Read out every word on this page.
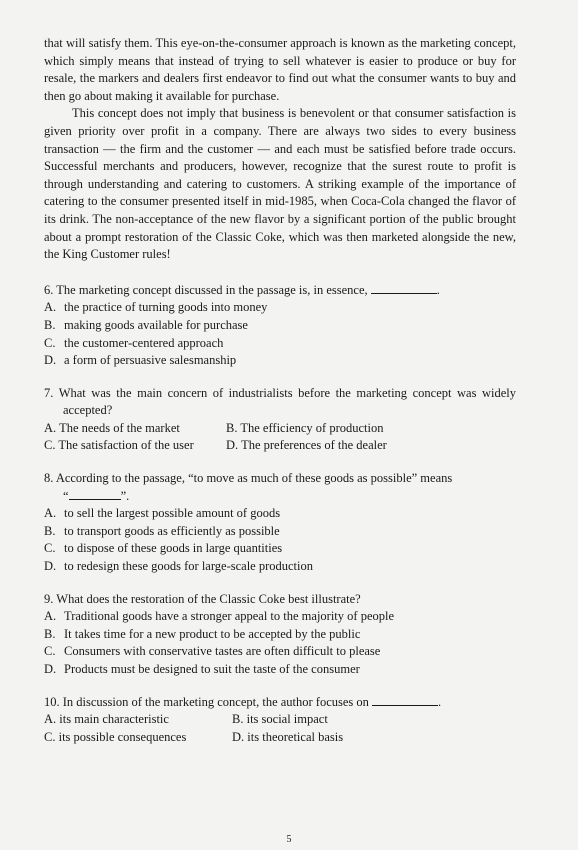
that will satisfy them. This eye-on-the-consumer approach is known as the marketing concept, which simply means that instead of trying to sell whatever is easier to produce or buy for resale, the markers and dealers first endeavor to find out what the consumer wants to buy and then go about making it available for purchase.

This concept does not imply that business is benevolent or that consumer satisfaction is given priority over profit in a company. There are always two sides to every business transaction — the firm and the customer — and each must be satisfied before trade occurs. Successful merchants and producers, however, recognize that the surest route to profit is through understanding and catering to customers. A striking example of the importance of catering to the consumer presented itself in mid-1985, when Coca-Cola changed the flavor of its drink. The non-acceptance of the new flavor by a significant portion of the public brought about a prompt restoration of the Classic Coke, which was then marketed alongside the new, the King Customer rules!

6. The marketing concept discussed in the passage is, in essence,	.

A. the practice of turning goods into money

B. making goods available for purchase

C. the customer-centered approach

D. a form of persuasive salesmanship

7. What was the main concern of industrialists before the marketing concept was widely accepted?

A. The needs of the market	B. The efficiency of production

C. The satisfaction of the user	D. The preferences of the dealer

8. According to the passage, “to move as much of these goods as possible” means

“	”.

A. to sell the largest possible amount of goods

B. to transport goods as efficiently as possible

C. to dispose of these goods in large quantities

D. to redesign these goods for large-scale production

9. What does the restoration of the Classic Coke best illustrate?

A. Traditional goods have a stronger appeal to the majority of people

B. It takes time for a new product to be accepted by the public

C. Consumers with conservative tastes are often difficult to please

D. Products must be designed to suit the taste of the consumer

10. In discussion of the marketing concept, the author focuses on	.

A. its main characteristic	B. its social impact

C. its possible consequences	D. its theoretical basis

5
